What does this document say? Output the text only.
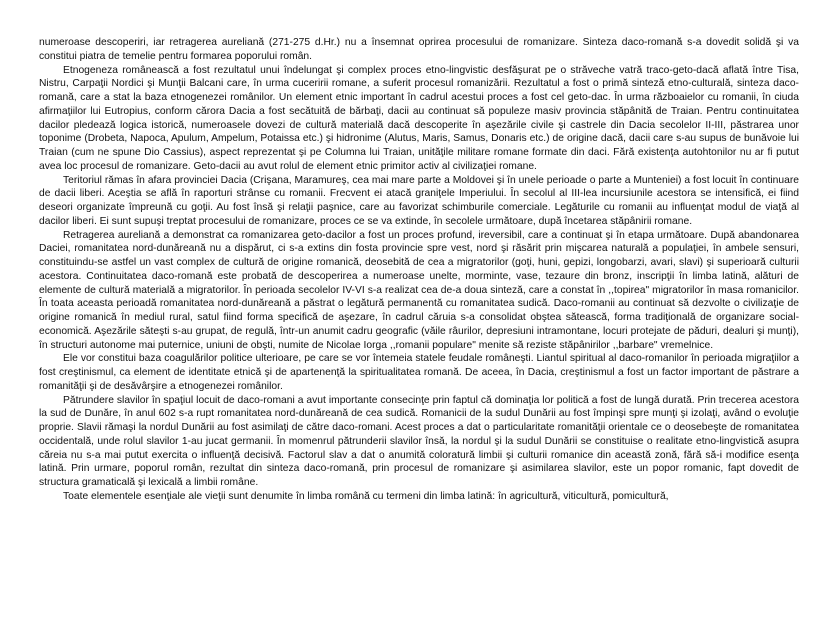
numeroase descoperiri, iar retragerea aureliană (271-275 d.Hr.) nu a însemnat oprirea procesului de romanizare. Sinteza daco-romană s-a dovedit solidă şi va constitui piatra de temelie pentru formarea poporului român.

Etnogeneza românească a fost rezultatul unui îndelungat şi complex proces etno-lingvistic desfăşurat pe o străveche vatră traco-geto-dacă aflată între Tisa, Nistru, Carpaţii Nordici şi Munţii Balcani care, în urma cuceririi romane, a suferit procesul romanizării. Rezultatul a fost o primă sinteză etno-culturală, sinteza daco-romană, care a stat la baza etnogenezei românilor. Un element etnic important în cadrul acestui proces a fost cel geto-dac. În urma războaielor cu romanii, în ciuda afirmaţiilor lui Eutropius, conform cărora Dacia a fost secătuită de bărbaţi, dacii au continuat să populeze masiv provincia stăpânită de Traian. Pentru continuitatea dacilor pledează logica istorică, numeroasele dovezi de cultură materială dacă descoperite în aşezările civile şi castrele din Dacia secolelor II-III, păstrarea unor toponime (Drobeta, Napoca, Apulum, Ampelum, Potaissa etc.) şi hidronime (Alutus, Maris, Samus, Donaris etc.) de origine dacă, dacii care s-au supus de bunăvoie lui Traian (cum ne spune Dio Cassius), aspect reprezentat şi pe Columna lui Traian, unităţile militare romane formate din daci. Fără existenţa autohtonilor nu ar fi putut avea loc procesul de romanizare. Geto-dacii au avut rolul de element etnic primitor activ al civilizaţiei romane.

Teritoriul rămas în afara provinciei Dacia (Crişana, Maramureş, cea mai mare parte a Moldovei şi în unele perioade o parte a Munteniei) a fost locuit în continuare de dacii liberi. Aceştia se află în raporturi strânse cu romanii. Frecvent ei atacă graniţele Imperiului. În secolul al III-lea incursiunile acestora se intensifică, ei fiind deseori organizate împreună cu goţii. Au fost însă şi relaţii paşnice, care au favorizat schimburile comerciale. Legăturile cu romanii au influenţat modul de viaţă al dacilor liberi. Ei sunt supuşi treptat procesului de romanizare, proces ce se va extinde, în secolele următoare, după încetarea stăpânirii romane.

Retragerea aureliană a demonstrat ca romanizarea geto-dacilor a fost un proces profund, ireversibil, care a continuat şi în etapa următoare. După abandonarea Daciei, romanitatea nord-dunăreană nu a dispărut, ci s-a extins din fosta provincie spre vest, nord şi răsărit prin mişcarea naturală a populaţiei, în ambele sensuri, constituindu-se astfel un vast complex de cultură de origine romanică, deosebită de cea a migratorilor (goţi, huni, gepizi, longobarzi, avari, slavi) şi superioară culturii acestora. Continuitatea daco-romană este probată de descoperirea a numeroase unelte, morminte, vase, tezaure din bronz, inscripţii în limba latină, alături de elemente de cultură materială a migratorilor. În perioada secolelor IV-VI s-a realizat cea de-a doua sinteză, care a constat în ,,topirea" migratorilor în masa romanicilor. În toata aceasta perioadă romanitatea nord-dunăreană a păstrat o legătură permanentă cu romanitatea sudică. Daco-romanii au continuat să dezvolte o civilizaţie de origine romanică în mediul rural, satul fiind forma specifică de aşezare, în cadrul căruia s-a consolidat obştea sătească, forma tradiţională de organizare social-economică. Aşezările săteşti s-au grupat, de regulă, într-un anumit cadru geografic (văile râurilor, depresiuni intramontane, locuri protejate de păduri, dealuri şi munţi), în structuri autonome mai puternice, uniuni de obşti, numite de Nicolae Iorga ,,romanii populare" menite să reziste stăpânirilor ,,barbare" vremelnice.

Ele vor constitui baza coagulărilor politice ulterioare, pe care se vor întemeia statele feudale româneşti. Liantul spiritual al daco-romanilor în perioada migraţiilor a fost creştinismul, ca element de identitate etnică şi de apartenenţă la spiritualitatea romană. De aceea, în Dacia, creştinismul a fost un factor important de păstrare a romanităţii şi de desăvârşire a etnogenezei românilor.

Pătrundere slavilor în spaţiul locuit de daco-romani a avut importante consecinţe prin faptul că dominaţia lor politică a fost de lungă durată. Prin trecerea acestora la sud de Dunăre, în anul 602 s-a rupt romanitatea nord-dunăreană de cea sudică. Romanicii de la sudul Dunării au fost împinşi spre munţi şi izolaţi, având o evoluţie proprie. Slavii rămaşi la nordul Dunării au fost asimilaţi de către daco-romani. Acest proces a dat o particularitate romanităţii orientale ce o deosebeşte de romanitatea occidentală, unde rolul slavilor 1-au jucat germanii. În momenrul pătrunderii slavilor însă, la nordul şi la sudul Dunării se constituise o realitate etno-lingvistică asupra căreia nu s-a mai putut exercita o influenţă decisivă. Factorul slav a dat o anumită coloratură limbii şi culturii romanice din această zonă, fără să-i modifice esenţa latină. Prin urmare, poporul român, rezultat din sinteza daco-romană, prin procesul de romanizare şi asimilarea slavilor, este un popor romanic, fapt dovedit de structura gramaticală şi lexicală a limbii române.

Toate elementele esenţiale ale vieţii sunt denumite în limba română cu termeni din limba latină: în agricultură, viticultură, pomicultură,
